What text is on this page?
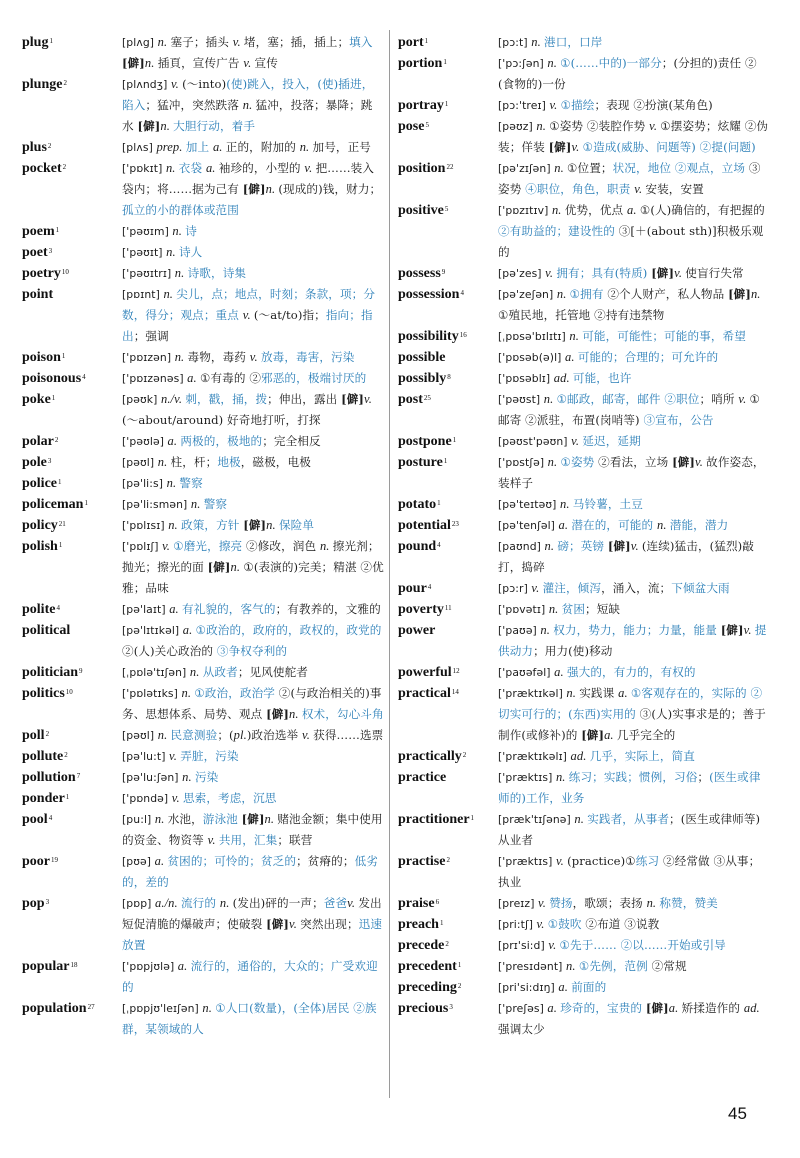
plug$^1$	[plʌg] n. 塞子；插头 v. 堵，塞；插，插上；填入[僻]n. 插頁，宣传广告 v. 宣传
plunge$^2$	[plʌndʒ] v. (～into)(使)跳入，投入，(使)插进，陷入；猛冲，突然跌落 n. 猛冲，投落；暴降；跳水 [僻]n. 大胆行动，着手
plus$^2$	[plʌs] prep. 加上 a. 正的，附加的 n. 加号，正号
pocket$^2$	['pɒkɪt] n. 衣袋 a. 袖珍的，小型的 v. 把……装入袋内；将……据为己有 [僻]n. (现成的)钱，财力；孤立的小的群体或范围
poem$^1$	['pəʊɪm] n. 诗
poet$^3$	['pəʊɪt] n. 诗人
poetry$^{10}$	['pəʊɪtrɪ] n. 诗歌，诗集
point	[pɒɪnt] n. 尖儿，点；地点，时刻；条款，项；分数，得分；观点；重点 v. (～at/to)指；指向；指出；强调
poison$^1$	['pɒɪzən] n. 毒物，毒药 v. 放毒，毒害，污染
poisonous$^4$	['pɒɪzənəs] a. ①有毒的 ②邪恶的，极端讨厌的
poke$^1$	[pəʊk] n./v. 刺，戳，捅，拨；伸出，露出 [僻]v. (～about/around) 好奇地打听，打探
polar$^2$	['pəʊlə] a. 两极的，极地的；完全相反
pole$^3$	[pəʊl] n. 柱，杆；地极，磁极，电极
police$^1$	[pə'li:s] n. 警察
policeman$^1$	[pə'li:smən] n. 警察
policy$^{21}$	['pɒlɪsɪ] n. 政策，方针 [僻]n. 保险单
polish$^1$	['pɒlɪʃ] v. ①磨光，擦亮 ②修改，润色 n. 擦光剂；抛光；擦光的面 [僻]n. ①(表演的)完美；精湛 ②优雅；品味
polite$^4$	[pə'laɪt] a. 有礼貌的，客气的；有教养的，文雅的
political	[pə'lɪtɪkəl] a. ①政治的，政府的，政权的，政党的 ②(人)关心政治的 ③争权夺利的
politician$^9$	[ˌpɒlə'tɪʃən] n. 从政者；见风使舵者
politics$^{10}$	['pɒlətɪks] n. ①政治，政治学 ②(与政治相关的)事务、思想体系、局势、观点 [僻]n. 权术，勾心斗角
poll$^2$	[pəʊl] n. 民意测验；(pl.)政治选举 v. 获得……选票
pollute$^2$	[pə'lu:t] v. 弄脏，污染
pollution$^7$	[pə'lu:ʃən] n. 污染
ponder$^1$	['pɒndə] v. 思索，考虑，沉思
pool$^4$	[pu:l] n. 水池，游泳池 [僻]n. 赌池金额；集中使用的资金、物资等 v. 共用，汇集；联营
poor$^{19}$	[pʊə] a. 贫困的；可怜的；贫乏的；贫瘠的；低劣的，差的
pop$^3$	[pɒp] a./n. 流行的 n. (发出)砰的一声；爸爸v. 发出短促清脆的爆破声；使破裂 [僻]v. 突然出现；迅速放置
popular$^{18}$	['pɒpjʊlə] a. 流行的，通俗的，大众的；广受欢迎的
population$^{27}$	[ˌpɒpjʊ'leɪʃən] n. ①人口(数量)，(全体)居民 ②族群，某领域的人
port$^1$	[pɔ:t] n. 港口，口岸
portion$^1$	['pɔ:ʃən] n. ①(……中的)一部分；(分担的)责任 ②(食物的)一份
portray$^1$	[pɔ:'treɪ] v. ①描绘；表现 ②扮演(某角色)
pose$^5$	[pəʊz] n. ①姿势 ②装腔作势 v. ①摆姿势；炫耀 ②伪装；佯装 [僻]v. ①造成(威胁、问题等) ②提(问题)
position$^{22}$	[pə'zɪʃən] n. ①位置；状况，地位 ②观点，立场 ③姿势 ④职位，角色，职责 v. 安装，安置
positive$^5$	['pɒzɪtɪv] n. 优势，优点 a. ①(人)确信的，有把握的 ②有助益的；建设性的 ③[＋(about sth)]积极乐观的
possess$^9$	[pə'zes] v. 拥有；具有(特质) [僻]v. 使盲行失常
possession$^4$	[pə'zeʃən] n. ①拥有 ②个人财产，私人物品 [僻]n. ①殖民地，托管地 ②持有违禁物
possibility$^{16}$	[ˌpɒsə'bɪlɪtɪ] n. 可能，可能性；可能的事，希望
possible	['pɒsəb(ə)l] a. 可能的；合理的；可允许的
possibly$^8$	['pɒsəblɪ] ad. 可能，也许
post$^{25}$	['pəʊst] n. ①邮政，邮寄，邮件 ②职位；哨所 v. ①邮寄 ②派驻，布置(岗哨等) ③宣布，公告
postpone$^1$	[pəʊst'pəʊn] v. 延迟，延期
posture$^1$	['pɒstʃə] n. ①姿势 ②看法，立场 [僻]v. 故作姿态，装样子
potato$^1$	[pə'teɪtəʊ] n. 马铃薯，土豆
potential$^{23}$	[pə'tenʃəl] a. 潜在的，可能的 n. 潜能，潜力
pound$^4$	[paʊnd] n. 磅；英镑 [僻]v. (连续)猛击，(猛烈)敲打，捣碎
pour$^4$	[pɔ:r] v. 灌注，倾泻，涌入，流；下倾盆大雨
poverty$^{11}$	['pɒvətɪ] n. 贫困；短缺
power	['paʊə] n. 权力，势力，能力；力量，能量 [僻]v. 提供动力；用力(使)移动
powerful$^{12}$	['paʊəfəl] a. 强大的，有力的，有权的
practical$^{14}$	['præktɪkəl] n. 实践课 a. ①客观存在的，实际的 ②切实可行的；(东西)实用的 ③(人)实事求是的；善于制作(或修补)的 [僻]a. 几乎完全的
practically$^2$	['præktɪkəlɪ] ad. 几乎，实际上，简直
practice	['præktɪs] n. 练习；实践；惯例，习俗；(医生或律师的)工作，业务
practitioner$^1$	[præk'tɪʃənə] n. 实践者，从事者；(医生或律师等)从业者
practise$^2$	['præktɪs] v. (practice)①练习 ②经常做 ③从事；执业
praise$^6$	[preɪz] v. 赞扬，歌颂；表扬 n. 称赞，赞美
preach$^1$	[pri:tʃ] v. ①鼓吹 ②布道 ③说教
precede$^2$	[prɪ'si:d] v. ①先于…… ②以……开始或引导
precedent$^1$	['presɪdənt] n. ①先例，范例 ②常规
preceding$^2$	[pri'si:dɪŋ] a. 前面的
precious$^3$	['preʃəs] a. 珍奇的，宝贵的 [僻]a. 矫揉造作的 ad. 强调太少
45
